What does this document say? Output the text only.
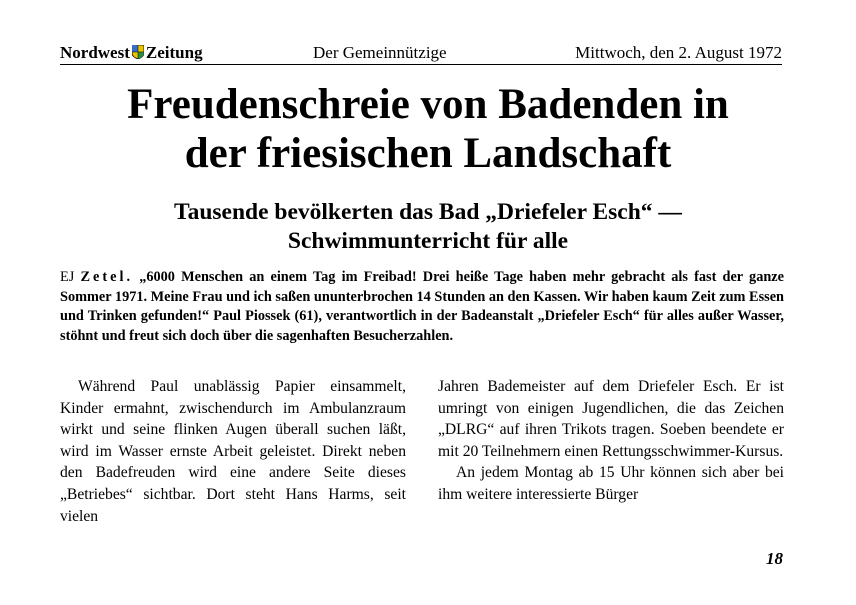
Nordwest Zeitung	Der Gemeinnützige	Mittwoch, den 2. August 1972
Freudenschreie von Badenden in
der friesischen Landschaft
Tausende bevölkerten das Bad „Driefeler Esch“ —
Schwimmunterricht für alle

EJ Zetel. „6000 Menschen an einem Tag im Freibad! Drei heiße Tage haben mehr gebracht als fast der ganze Sommer 1971. Meine Frau und ich saßen ununterbrochen 14 Stunden an den Kassen. Wir haben kaum Zeit zum Essen und Trinken gefunden!“ Paul Piossek (61), verantwortlich in der Badeanstalt „Driefeler Esch“ für alles außer Wasser, stöhnt und freut sich doch über die sagenhaften Besucherzahlen.

Während Paul unablässig Papier einsammelt, Kinder ermahnt, zwischendurch im Ambulanzraum wirkt und seine flinken Augen überall suchen läßt, wird im Wasser ernste Arbeit geleistet. Direkt neben den Badefreuden wird eine andere Seite dieses „Betriebes“ sichtbar. Dort steht Hans Harms, seit vielen

Jahren Bademeister auf dem Driefeler Esch. Er ist umringt von einigen Jugendlichen, die das Zeichen „DLRG“ auf ihren Trikots tragen. Soeben beendete er mit 20 Teilnehmern einen Rettungsschwimmer-Kursus.

An jedem Montag ab 15 Uhr können sich aber bei ihm weitere interessierte Bürger

18
